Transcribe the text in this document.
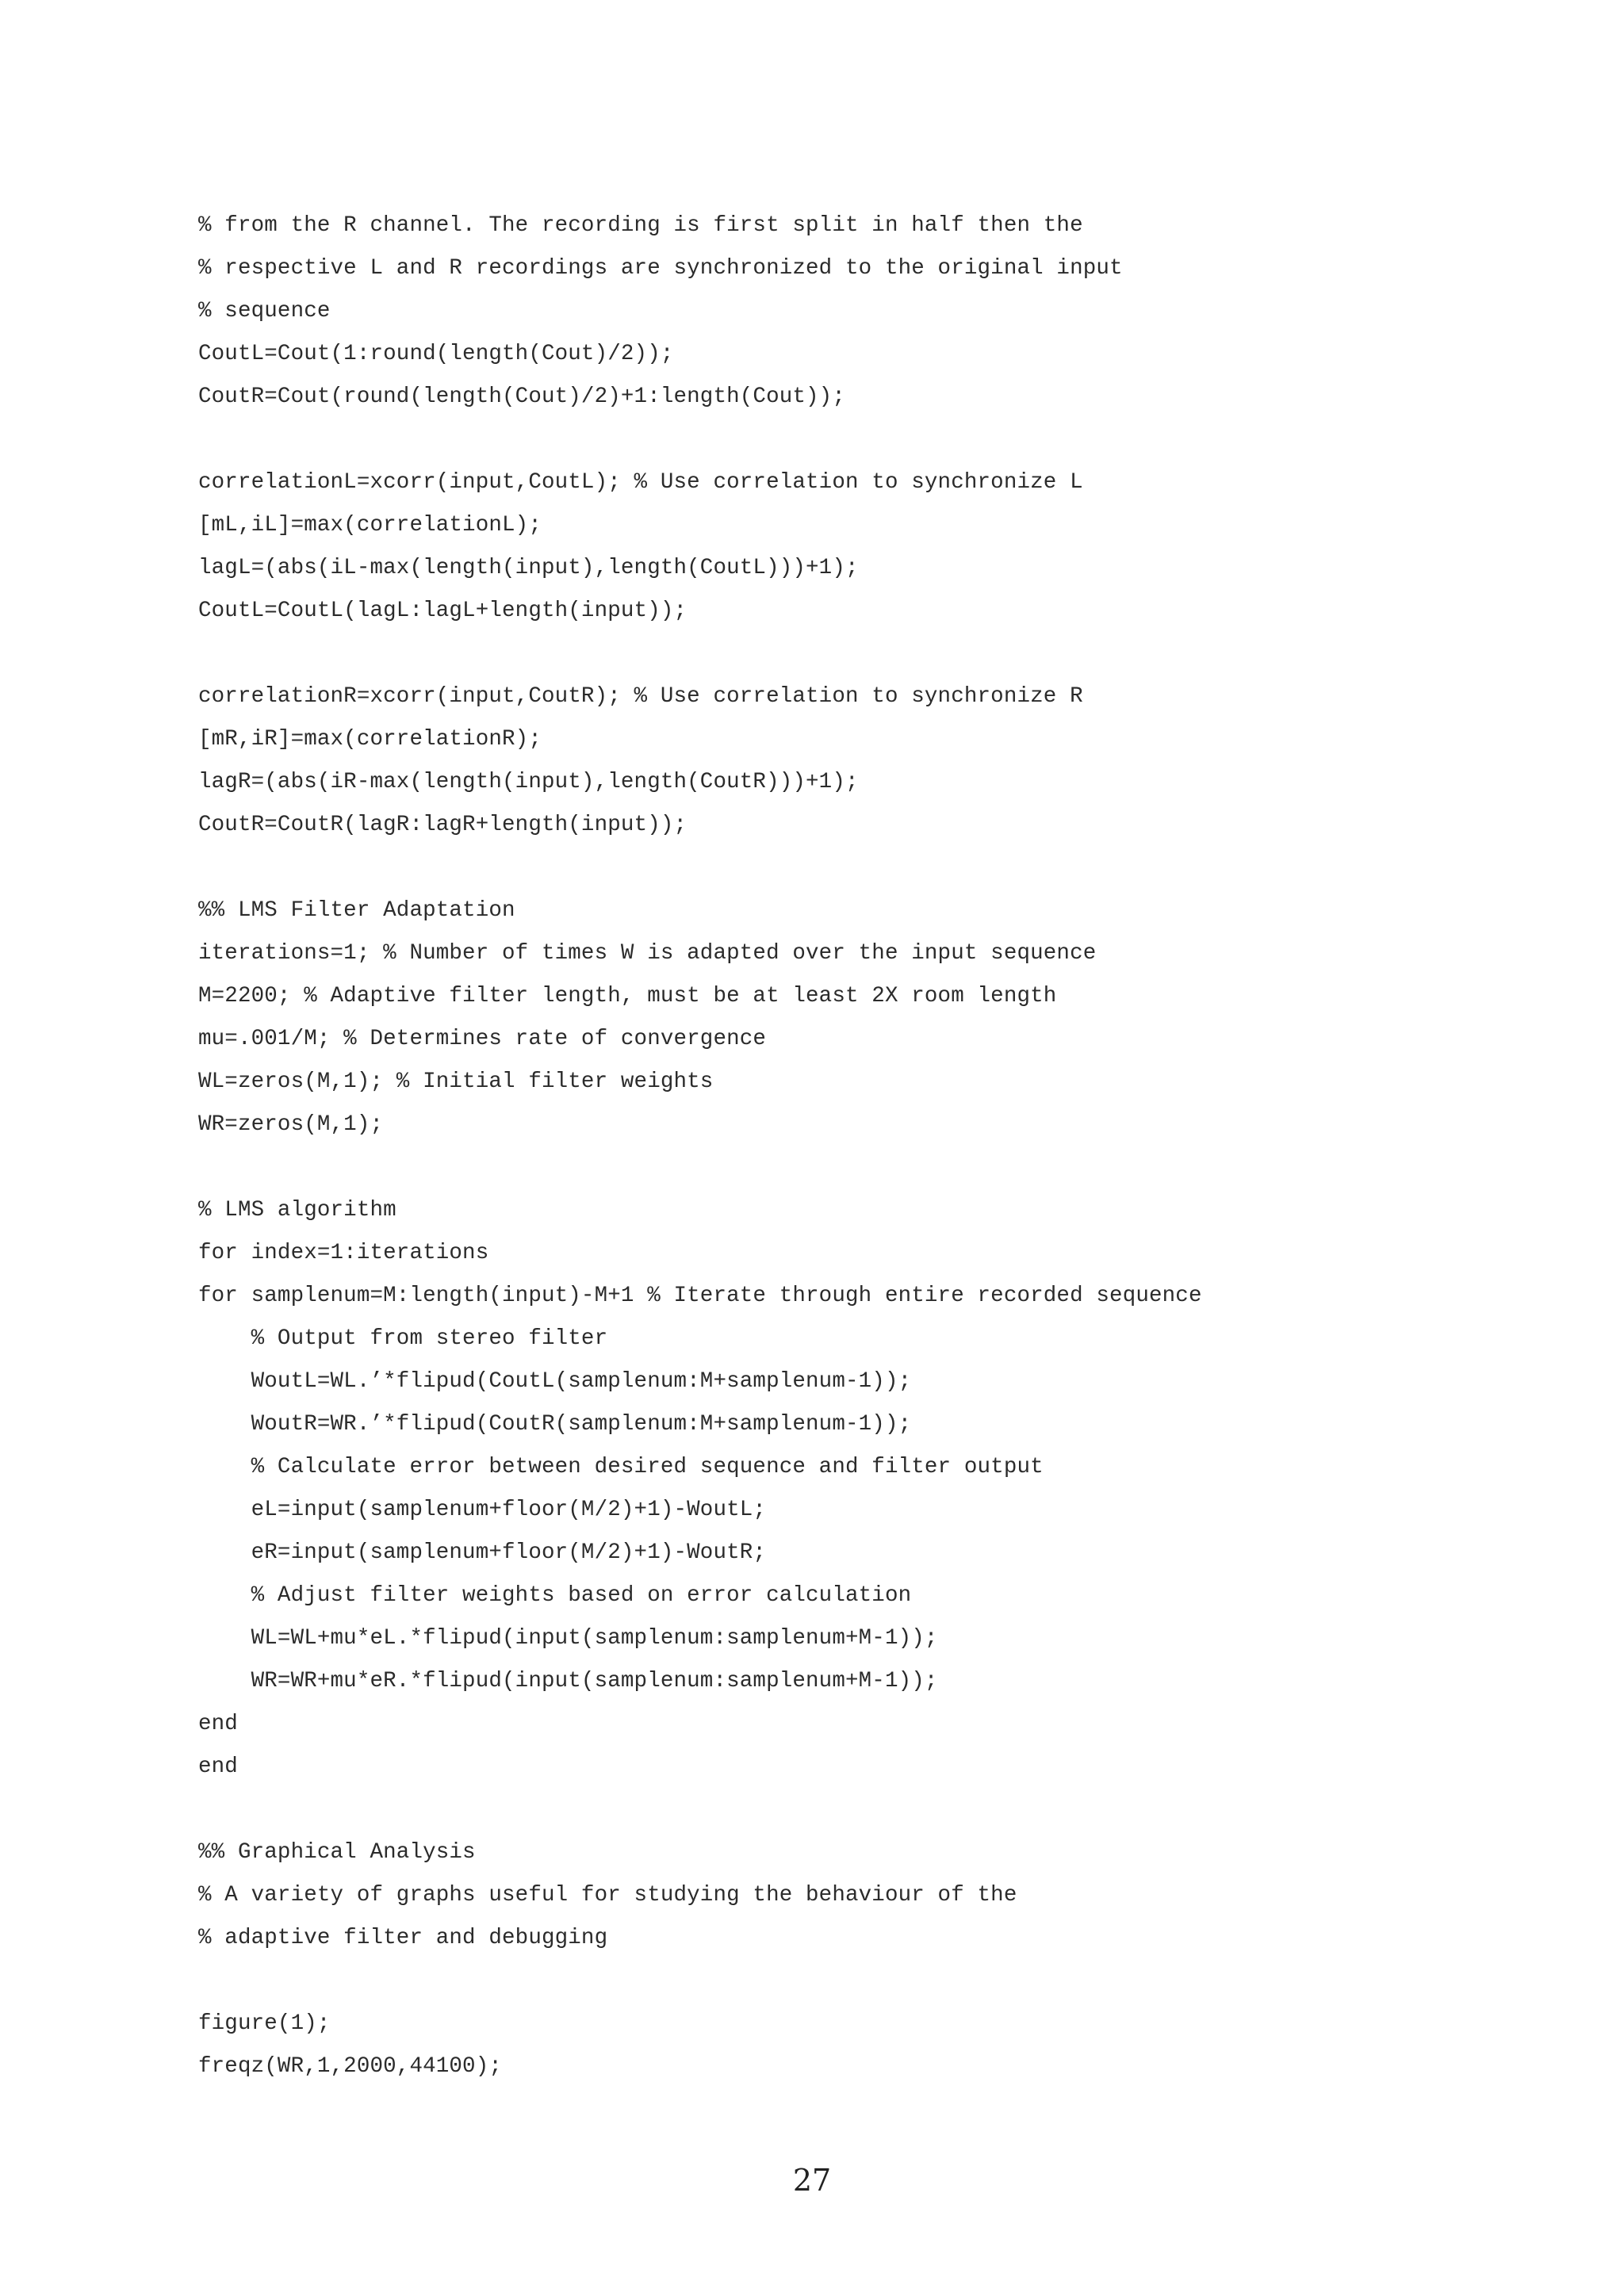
% from the R channel. The recording is first split in half then the
% respective L and R recordings are synchronized to the original input
% sequence
CoutL=Cout(1:round(length(Cout)/2));
CoutR=Cout(round(length(Cout)/2)+1:length(Cout));
correlationL=xcorr(input,CoutL); % Use correlation to synchronize L
[mL,iL]=max(correlationL);
lagL=(abs(iL-max(length(input),length(CoutL)))+1);
CoutL=CoutL(lagL:lagL+length(input));
correlationR=xcorr(input,CoutR); % Use correlation to synchronize R
[mR,iR]=max(correlationR);
lagR=(abs(iR-max(length(input),length(CoutR)))+1);
CoutR=CoutR(lagR:lagR+length(input));
%% LMS Filter Adaptation
iterations=1; % Number of times W is adapted over the input sequence
M=2200; % Adaptive filter length, must be at least 2X room length
mu=.001/M; % Determines rate of convergence
WL=zeros(M,1); % Initial filter weights
WR=zeros(M,1);
% LMS algorithm
for index=1:iterations
for samplenum=M:length(input)-M+1 % Iterate through entire recorded sequence
% Output from stereo filter
WoutL=WL.’*flipud(CoutL(samplenum:M+samplenum-1));
WoutR=WR.’*flipud(CoutR(samplenum:M+samplenum-1));
% Calculate error between desired sequence and filter output
eL=input(samplenum+floor(M/2)+1)-WoutL;
eR=input(samplenum+floor(M/2)+1)-WoutR;
% Adjust filter weights based on error calculation
WL=WL+mu*eL.*flipud(input(samplenum:samplenum+M-1));
WR=WR+mu*eR.*flipud(input(samplenum:samplenum+M-1));
end
end
%% Graphical Analysis
% A variety of graphs useful for studying the behaviour of the
% adaptive filter and debugging
figure(1);
freqz(WR,1,2000,44100);
27
